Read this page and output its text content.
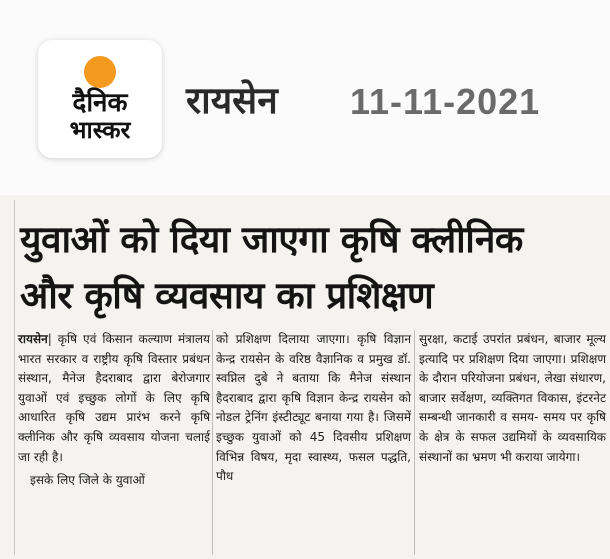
दैनिक
भास्कर
रायसेन 11-11-2021
युवाओं को दिया जाएगा कृषि क्लीनिक
और कृषि व्यवसाय का प्रशिक्षण

रायसेन| कृषि एवं किसान कल्याण मंत्रालय भारत सरकार व राष्ट्रीय कृषि विस्तार प्रबंधन संस्थान, मैनेज हैदराबाद द्वारा बेरोजगार युवाओं एवं इच्छुक लोगों के लिए कृषि आधारित कृषि उद्यम प्रारंभ करने कृषि क्लीनिक और कृषि व्यवसाय योजना चलाई जा रही है।

इसके लिए जिले के युवाओं

को प्रशिक्षण दिलाया जाएगा। कृषि विज्ञान केन्द्र रायसेन के वरिष्ठ वैज्ञानिक व प्रमुख डॉ. स्वप्निल दुबे ने बताया कि मैनेज संस्थान हैदराबाद द्वारा कृषि विज्ञान केन्द्र रायसेन को नोडल ट्रेनिंग इंस्टीट्यूट बनाया गया है। जिसमें इच्छुक युवाओं को 45 दिवसीय प्रशिक्षण विभिन्न विषय, मृदा स्वास्थ्य, फसल पद्धति, पौध

सुरक्षा, कटाई उपरांत प्रबंधन, बाजार मूल्य इत्यादि पर प्रशिक्षण दिया जाएगा। प्रशिक्षण के दौरान परियोजना प्रबंधन, लेखा संधारण, बाजार सर्वेक्षण, व्यक्तिगत विकास, इंटरनेट सम्बन्धी जानकारी व समय- समय पर कृषि के क्षेत्र के सफल उद्यमियों के व्यवसायिक संस्थानों का भ्रमण भी कराया जायेगा।
